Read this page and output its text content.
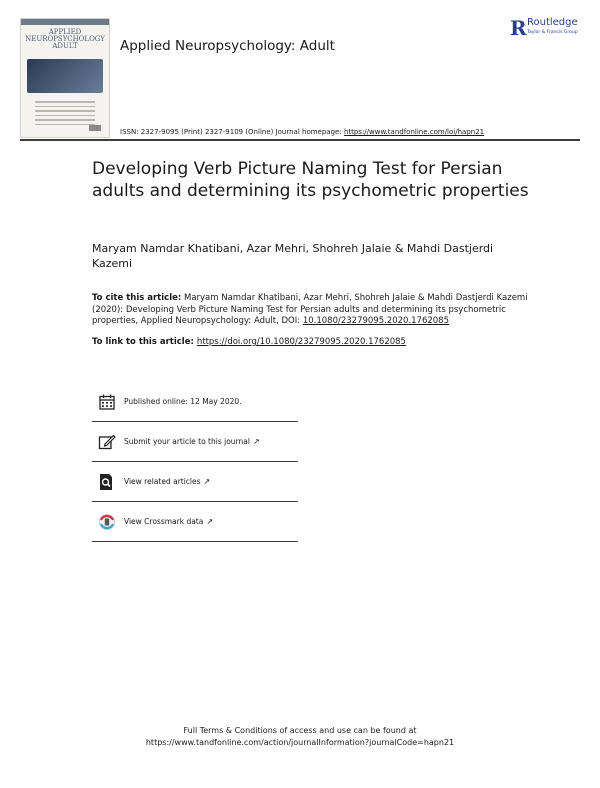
APPLIED
NEUROPSYCHOLOGY
ADULT	Applied Neuropsychology: Adult
R Routledge
Taylor & Francis Group
ISSN: 2327-9095 (Print) 2327-9109 (Online) Journal homepage: https://www.tandfonline.com/loi/hapn21
Developing Verb Picture Naming Test for Persian adults and determining its psychometric properties
Maryam Namdar Khatibani, Azar Mehri, Shohreh Jalaie & Mahdi Dastjerdi Kazemi
To cite this article: Maryam Namdar Khatibani, Azar Mehri, Shohreh Jalaie & Mahdi Dastjerdi Kazemi (2020): Developing Verb Picture Naming Test for Persian adults and determining its psychometric properties, Applied Neuropsychology: Adult, DOI: 10.1080/23279095.2020.1762085
To link to this article: https://doi.org/10.1080/23279095.2020.1762085
Published online: 12 May 2020.
Submit your article to this journal ↗
View related articles ↗
View Crossmark data ↗
Full Terms & Conditions of access and use can be found at
https://www.tandfonline.com/action/journalInformation?journalCode=hapn21
